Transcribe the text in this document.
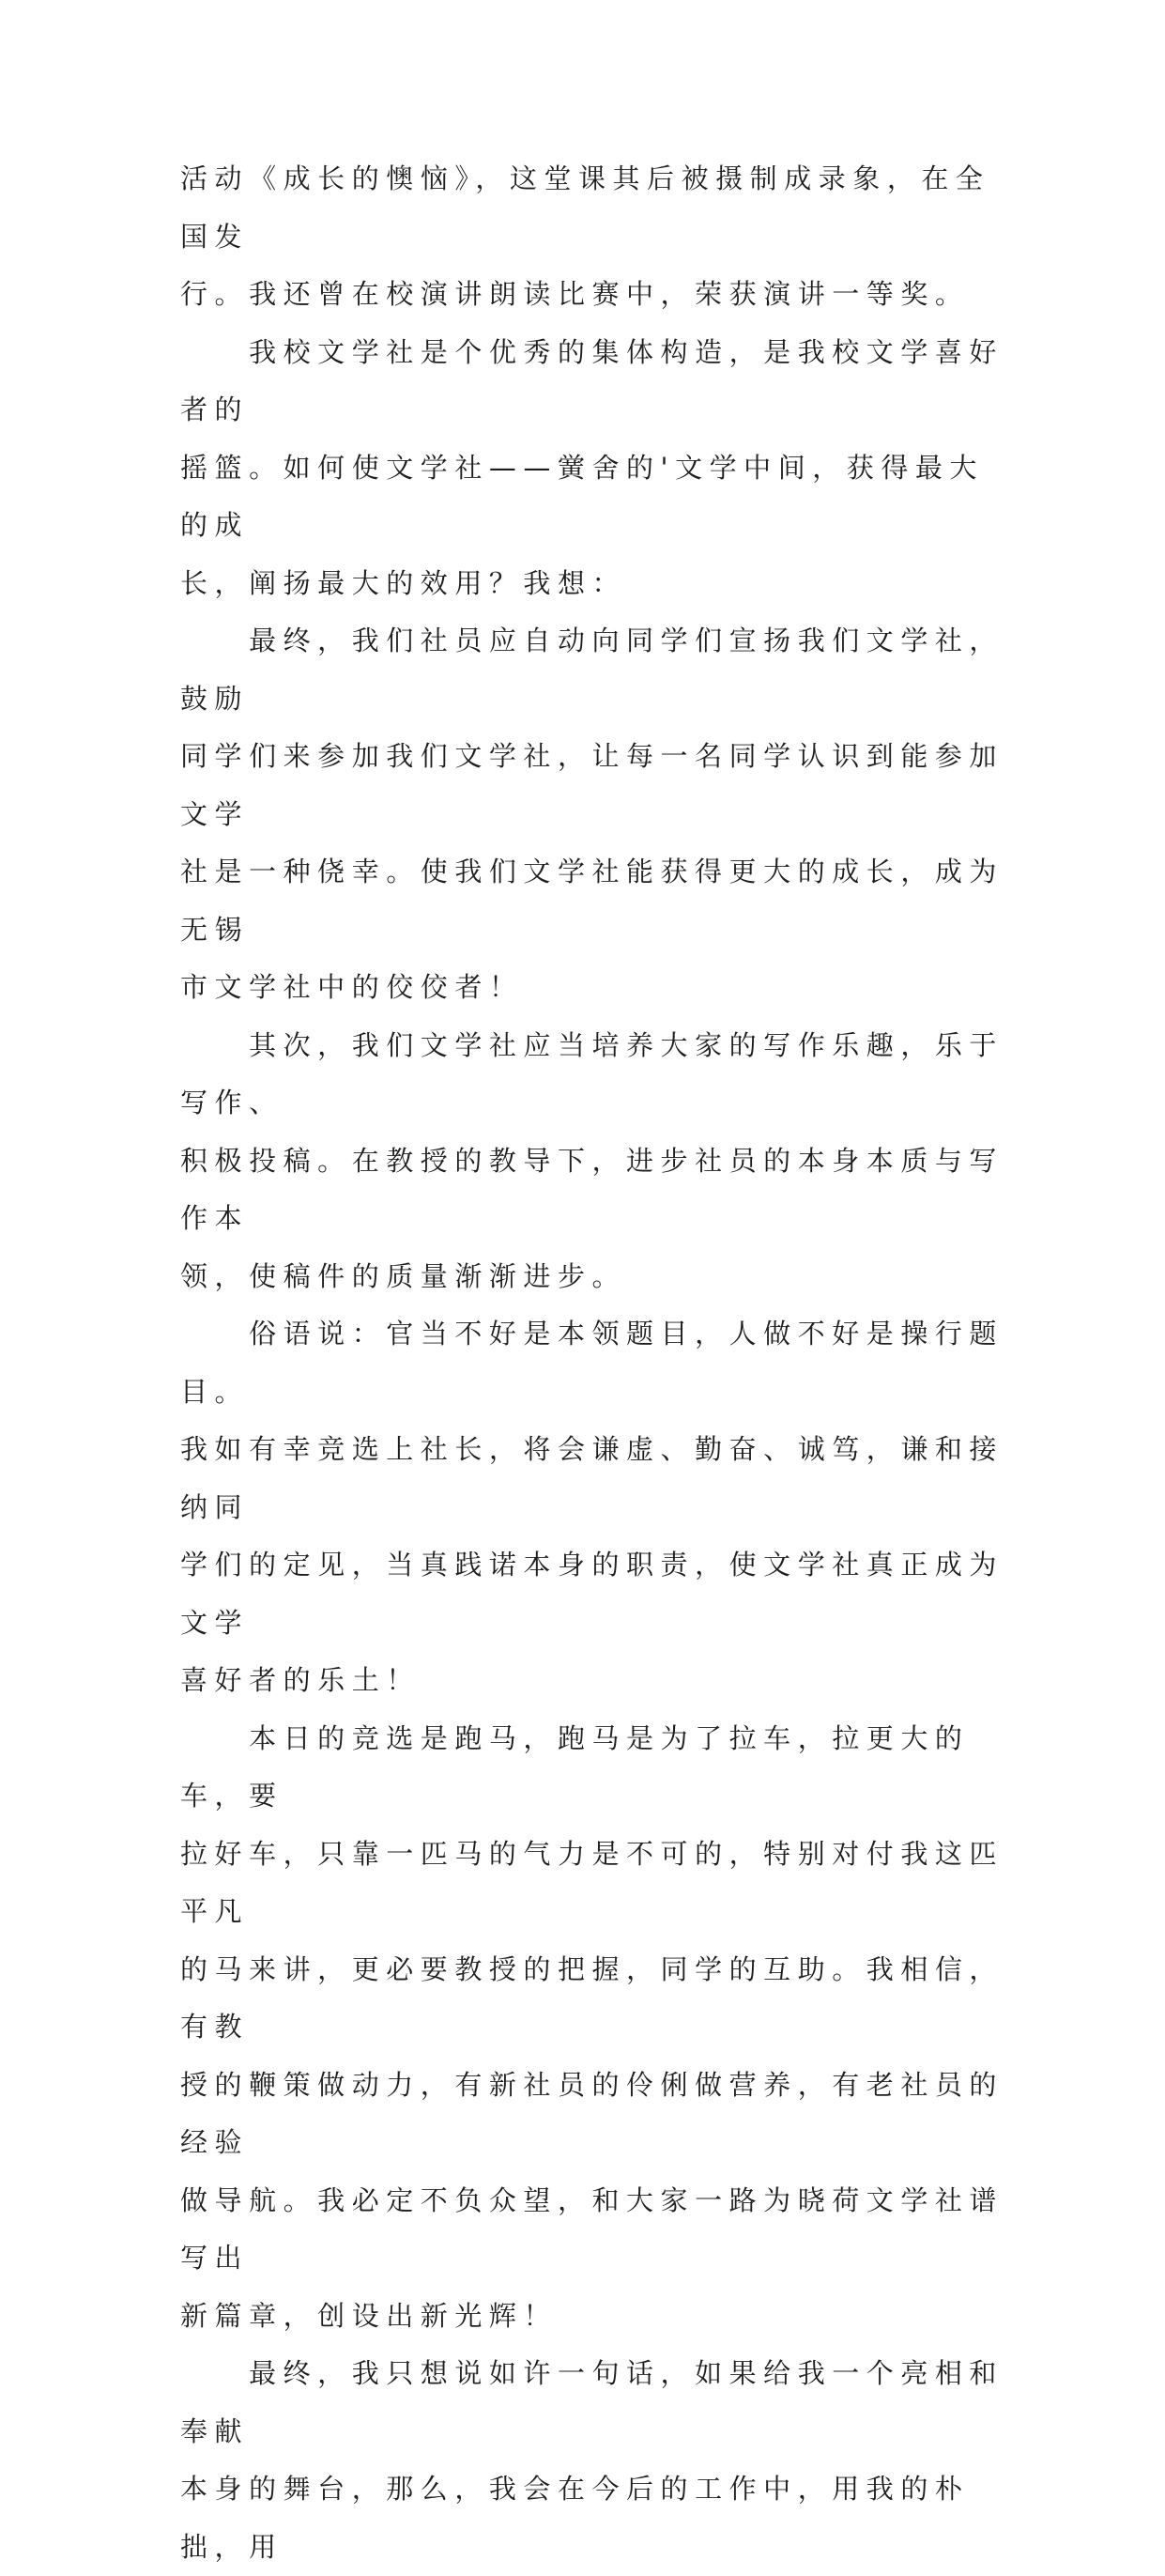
活动《成长的懊恼》，这堂课其后被摄制成录象，在全国发

行。我还曾在校演讲朗读比赛中，荣获演讲一等奖。

　　我校文学社是个优秀的集体构造，是我校文学喜好者的

摇篮。如何使文学社——黉舍的'文学中间，获得最大的成

长，阐扬最大的效用？我想：

　　最终，我们社员应自动向同学们宣扬我们文学社，鼓励

同学们来参加我们文学社，让每一名同学认识到能参加文学

社是一种侥幸。使我们文学社能获得更大的成长，成为无锡

市文学社中的佼佼者！

　　其次，我们文学社应当培养大家的写作乐趣，乐于写作、

积极投稿。在教授的教导下，进步社员的本身本质与写作本

领，使稿件的质量渐渐进步。

　　俗语说：官当不好是本领题目，人做不好是操行题目。

我如有幸竞选上社长，将会谦虚、勤奋、诚笃，谦和接纳同

学们的定见，当真践诺本身的职责，使文学社真正成为文学

喜好者的乐土！

　　本日的竞选是跑马，跑马是为了拉车，拉更大的车，要

拉好车，只靠一匹马的气力是不可的，特别对付我这匹平凡

的马来讲，更必要教授的把握，同学的互助。我相信，有教

授的鞭策做动力，有新社员的伶俐做营养，有老社员的经验

做导航。我必定不负众望，和大家一路为晓荷文学社谱写出

新篇章，创设出新光辉！

　　最终，我只想说如许一句话，如果给我一个亮相和奉献

本身的舞台，那么，我会在今后的工作中，用我的朴拙，用
